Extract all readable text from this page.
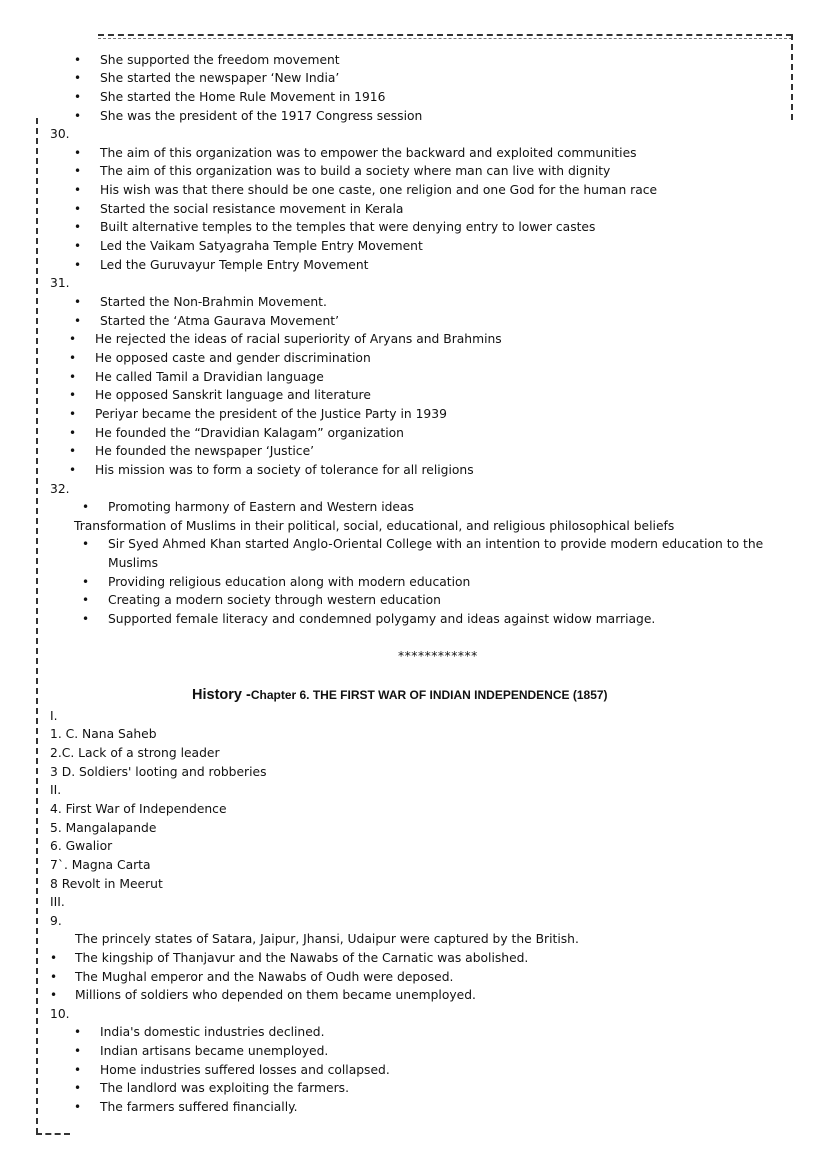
• She supported the freedom movement
• She started the newspaper ‘New India’
• She started the Home Rule Movement in 1916
• She was the president of the 1917 Congress session
30.
• The aim of this organization was to empower the backward and exploited communities
• The aim of this organization was to build a society where man can live with dignity
• His wish was that there should be one caste, one religion and one God for the human race
• Started the social resistance movement in Kerala
• Built alternative temples to the temples that were denying entry to lower castes
• Led the Vaikam Satyagraha Temple Entry Movement
• Led the Guruvayur Temple Entry Movement
31.
• Started the Non-Brahmin Movement.
• Started the ‘Atma Gaurava Movement’
• He rejected the ideas of racial superiority of Aryans and Brahmins
• He opposed caste and gender discrimination
• He called Tamil a Dravidian language
• He opposed Sanskrit language and literature
• Periyar became the president of the Justice Party in 1939
• He founded the “Dravidian Kalagam” organization
• He founded the newspaper ‘Justice’
• His mission was to form a society of tolerance for all religions
32.
• Promoting harmony of Eastern and Western ideas
Transformation of Muslims in their political, social, educational, and religious philosophical beliefs
• Sir Syed Ahmed Khan started Anglo-Oriental College with an intention to provide modern education to the
Muslims
• Providing religious education along with modern education
• Creating a modern society through western education
• Supported female literacy and condemned polygamy and ideas against widow marriage.
************
History -Chapter 6. THE FIRST WAR OF INDIAN INDEPENDENCE (1857)
I.
1. C. Nana Saheb
2.C. Lack of a strong leader
3 D. Soldiers' looting and robberies
II.
4. First War of Independence
5. Mangalapande
6. Gwalior
7`. Magna Carta
8 Revolt in Meerut
III.
9.
The princely states of Satara, Jaipur, Jhansi, Udaipur were captured by the British.
• The kingship of Thanjavur and the Nawabs of the Carnatic was abolished.
• The Mughal emperor and the Nawabs of Oudh were deposed.
• Millions of soldiers who depended on them became unemployed.
10.
• India's domestic industries declined.
• Indian artisans became unemployed.
• Home industries suffered losses and collapsed.
• The landlord was exploiting the farmers.
• The farmers suffered financially.
